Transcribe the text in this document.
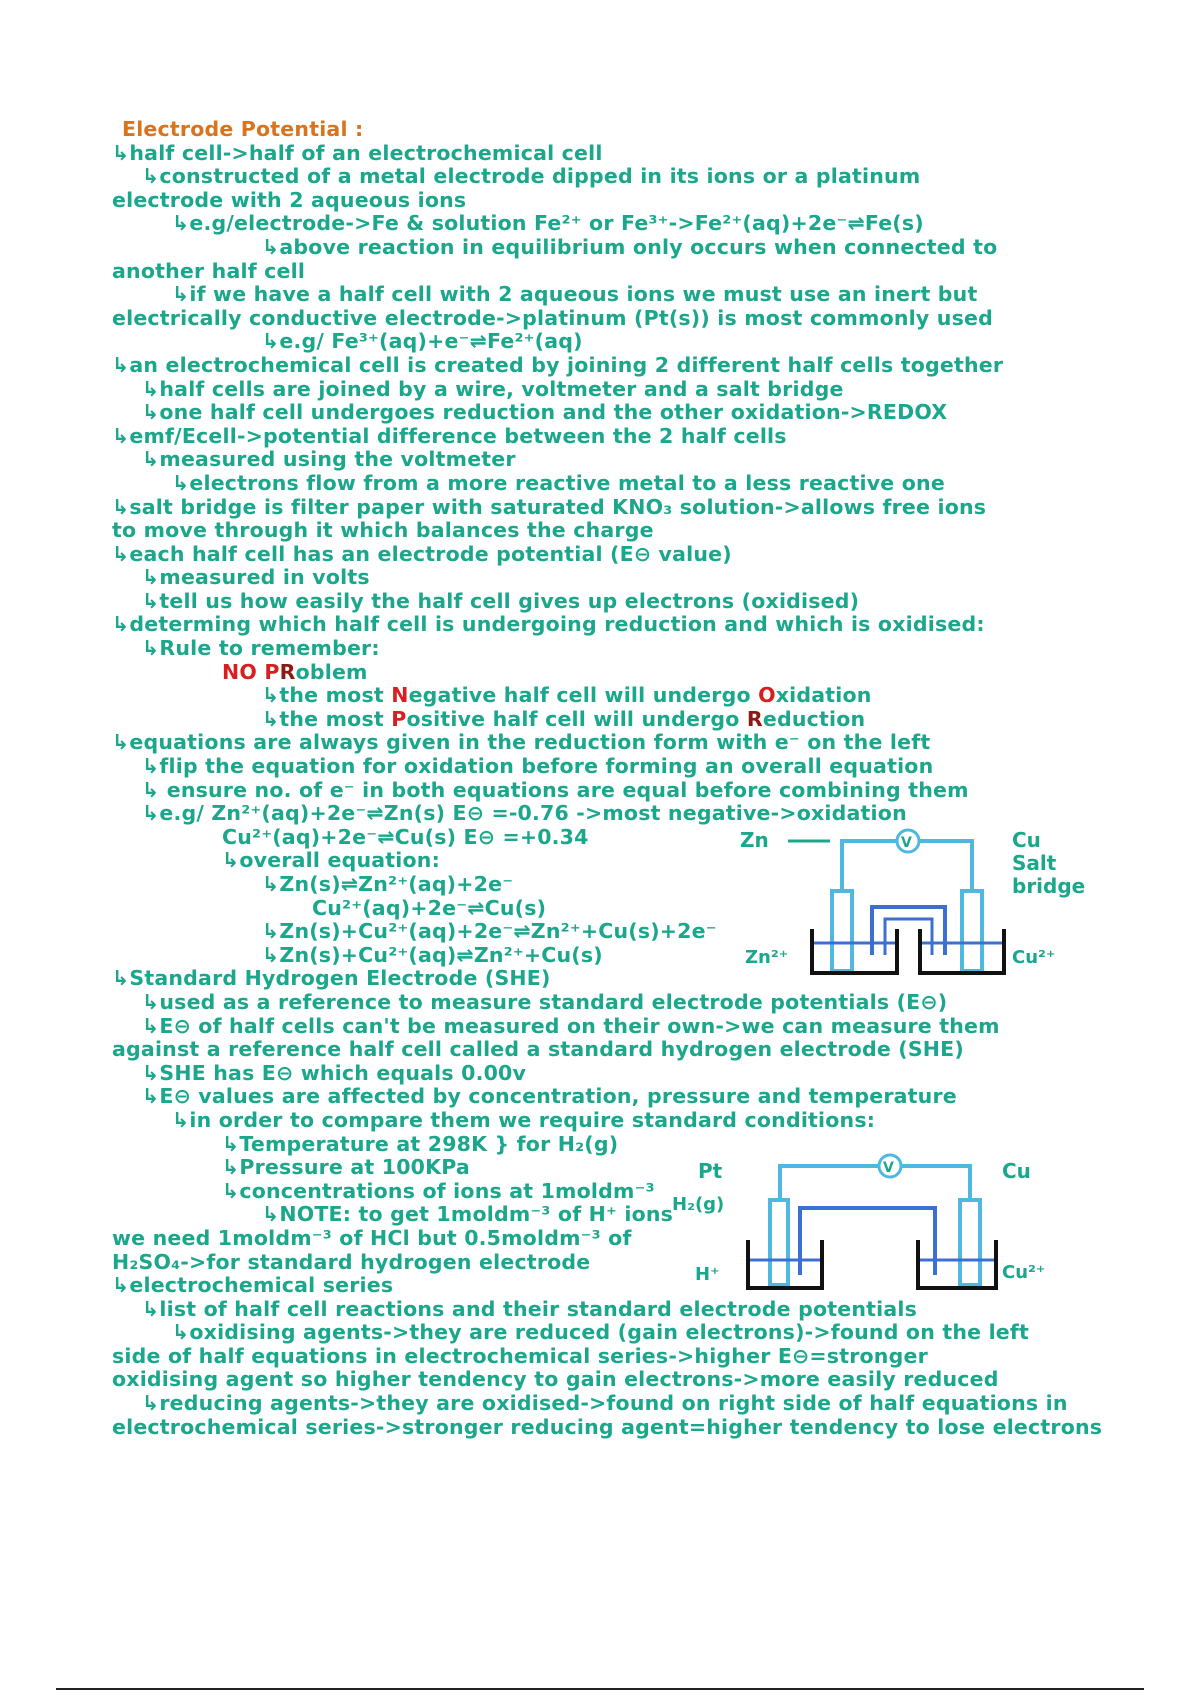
Electrode Potential :
↳half cell->half of an electrochemical cell
↳constructed of a metal electrode dipped in its ions or a platinum
electrode with 2 aqueous ions
↳e.g/electrode->Fe & solution Fe²⁺ or Fe³⁺->Fe²⁺(aq)+2e⁻⇌Fe(s)
↳above reaction in equilibrium only occurs when connected to
another half cell
↳if we have a half cell with 2 aqueous ions we must use an inert but
electrically conductive electrode->platinum (Pt(s)) is most commonly used
↳e.g/ Fe³⁺(aq)+e⁻⇌Fe²⁺(aq)
↳an electrochemical cell is created by joining 2 different half cells together
↳half cells are joined by a wire, voltmeter and a salt bridge
↳one half cell undergoes reduction and the other oxidation->REDOX
↳emf/Ecell->potential difference between the 2 half cells
↳measured using the voltmeter
↳electrons flow from a more reactive metal to a less reactive one
↳salt bridge is filter paper with saturated KNO₃ solution->allows free ions
to move through it which balances the charge
↳each half cell has an electrode potential (E⊖ value)
↳measured in volts
↳tell us how easily the half cell gives up electrons (oxidised)
↳determing which half cell is undergoing reduction and which is oxidised:
↳Rule to remember:
NO PRoblem
↳the most Negative half cell will undergo Oxidation
↳the most Positive half cell will undergo Reduction
↳equations are always given in the reduction form with e⁻ on the left
↳flip the equation for oxidation before forming an overall equation
↳ ensure no. of e⁻ in both equations are equal before combining them
↳e.g/ Zn²⁺(aq)+2e⁻⇌Zn(s) E⊖ =-0.76 ->most negative->oxidation
Cu²⁺(aq)+2e⁻⇌Cu(s) E⊖ =+0.34
↳overall equation:
↳Zn(s)⇌Zn²⁺(aq)+2e⁻
Cu²⁺(aq)+2e⁻⇌Cu(s)
↳Zn(s)+Cu²⁺(aq)+2e⁻⇌Zn²⁺+Cu(s)+2e⁻
↳Zn(s)+Cu²⁺(aq)⇌Zn²⁺+Cu(s)
↳Standard Hydrogen Electrode (SHE)
↳used as a reference to measure standard electrode potentials (E⊖)
↳E⊖ of half cells can't be measured on their own->we can measure them
against a reference half cell called a standard hydrogen electrode (SHE)
↳SHE has E⊖ which equals 0.00v
↳E⊖ values are affected by concentration, pressure and temperature
↳in order to compare them we require standard conditions:
↳Temperature at 298K } for H₂(g)
↳Pressure at 100KPa
↳concentrations of ions at 1moldm⁻³
↳NOTE: to get 1moldm⁻³ of H⁺ ions
we need 1moldm⁻³ of HCl but 0.5moldm⁻³ of
H₂SO₄->for standard hydrogen electrode
↳electrochemical series
↳list of half cell reactions and their standard electrode potentials
↳oxidising agents->they are reduced (gain electrons)->found on the left
side of half equations in electrochemical series->higher E⊖=stronger
oxidising agent so higher tendency to gain electrons->more easily reduced
↳reducing agents->they are oxidised->found on right side of half equations in
electrochemical series->stronger reducing agent=higher tendency to lose electrons
V
Zn	Cu
Salt
bridge
Zn²⁺	Cu²⁺
V
Pt	Cu
H₂(g)
H⁺	Cu²⁺
